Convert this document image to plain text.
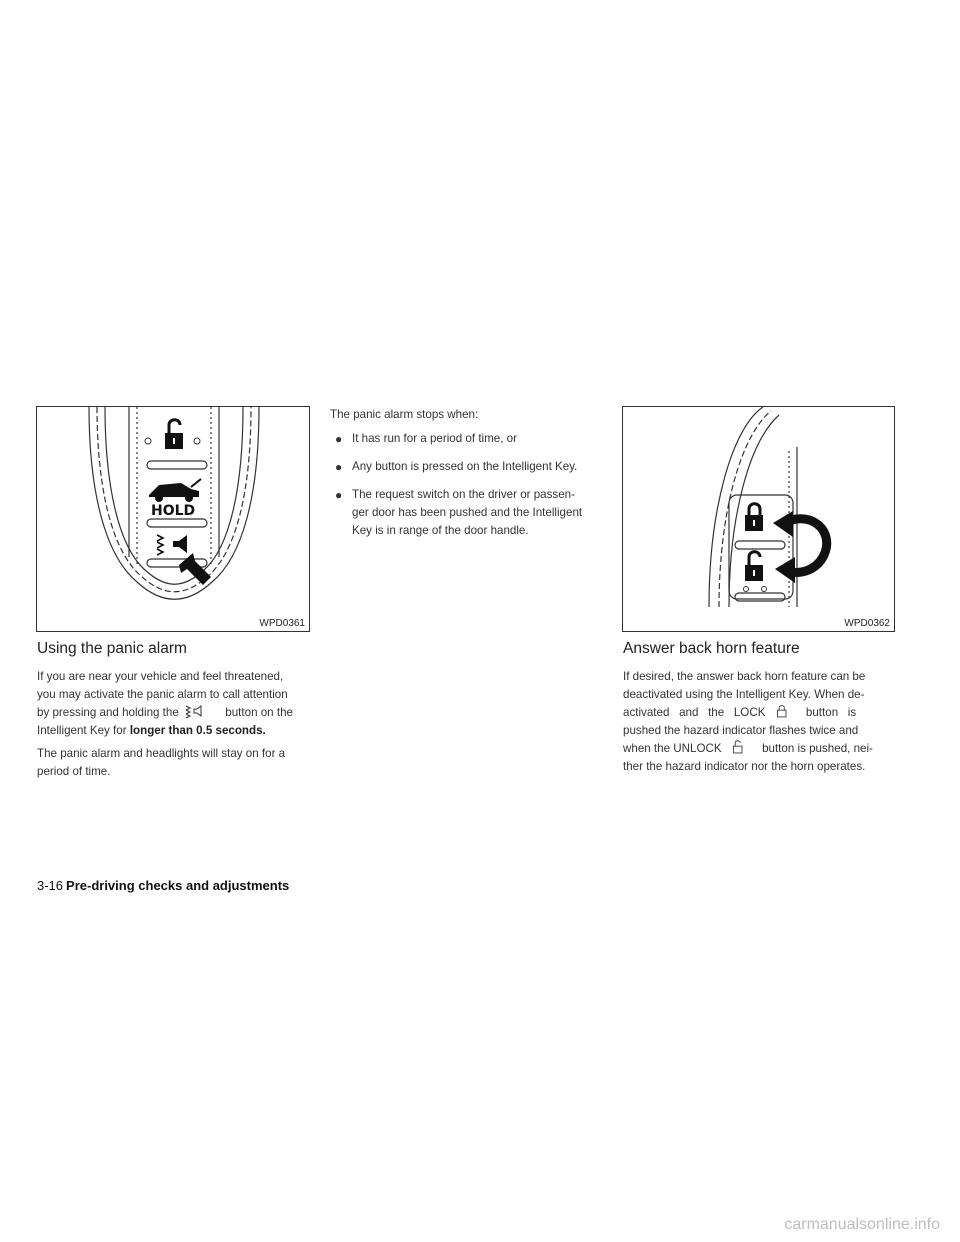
HOLD
WPD0361
Using the panic alarm
If you are near your vehicle and feel threatened,
you may activate the panic alarm to call attention
by pressing and holding the	button on the
Intelligent Key for longer than 0.5 seconds.
The panic alarm and headlights will stay on for a
period of time.
The panic alarm stops when:
● It has run for a period of time, or
● Any button is pressed on the Intelligent Key.
● The request switch on the driver or passen-
ger door has been pushed and the Intelligent
Key is in range of the door handle.
WPD0362
Answer back horn feature
If desired, the answer back horn feature can be
deactivated using the Intelligent Key. When de-
activated   and   the   LOCK	button   is
pushed the hazard indicator flashes twice and
when the UNLOCK	button is pushed, nei-
ther the hazard indicator nor the horn operates.
3-16 Pre-driving checks and adjustments
carmanualsonline.info
